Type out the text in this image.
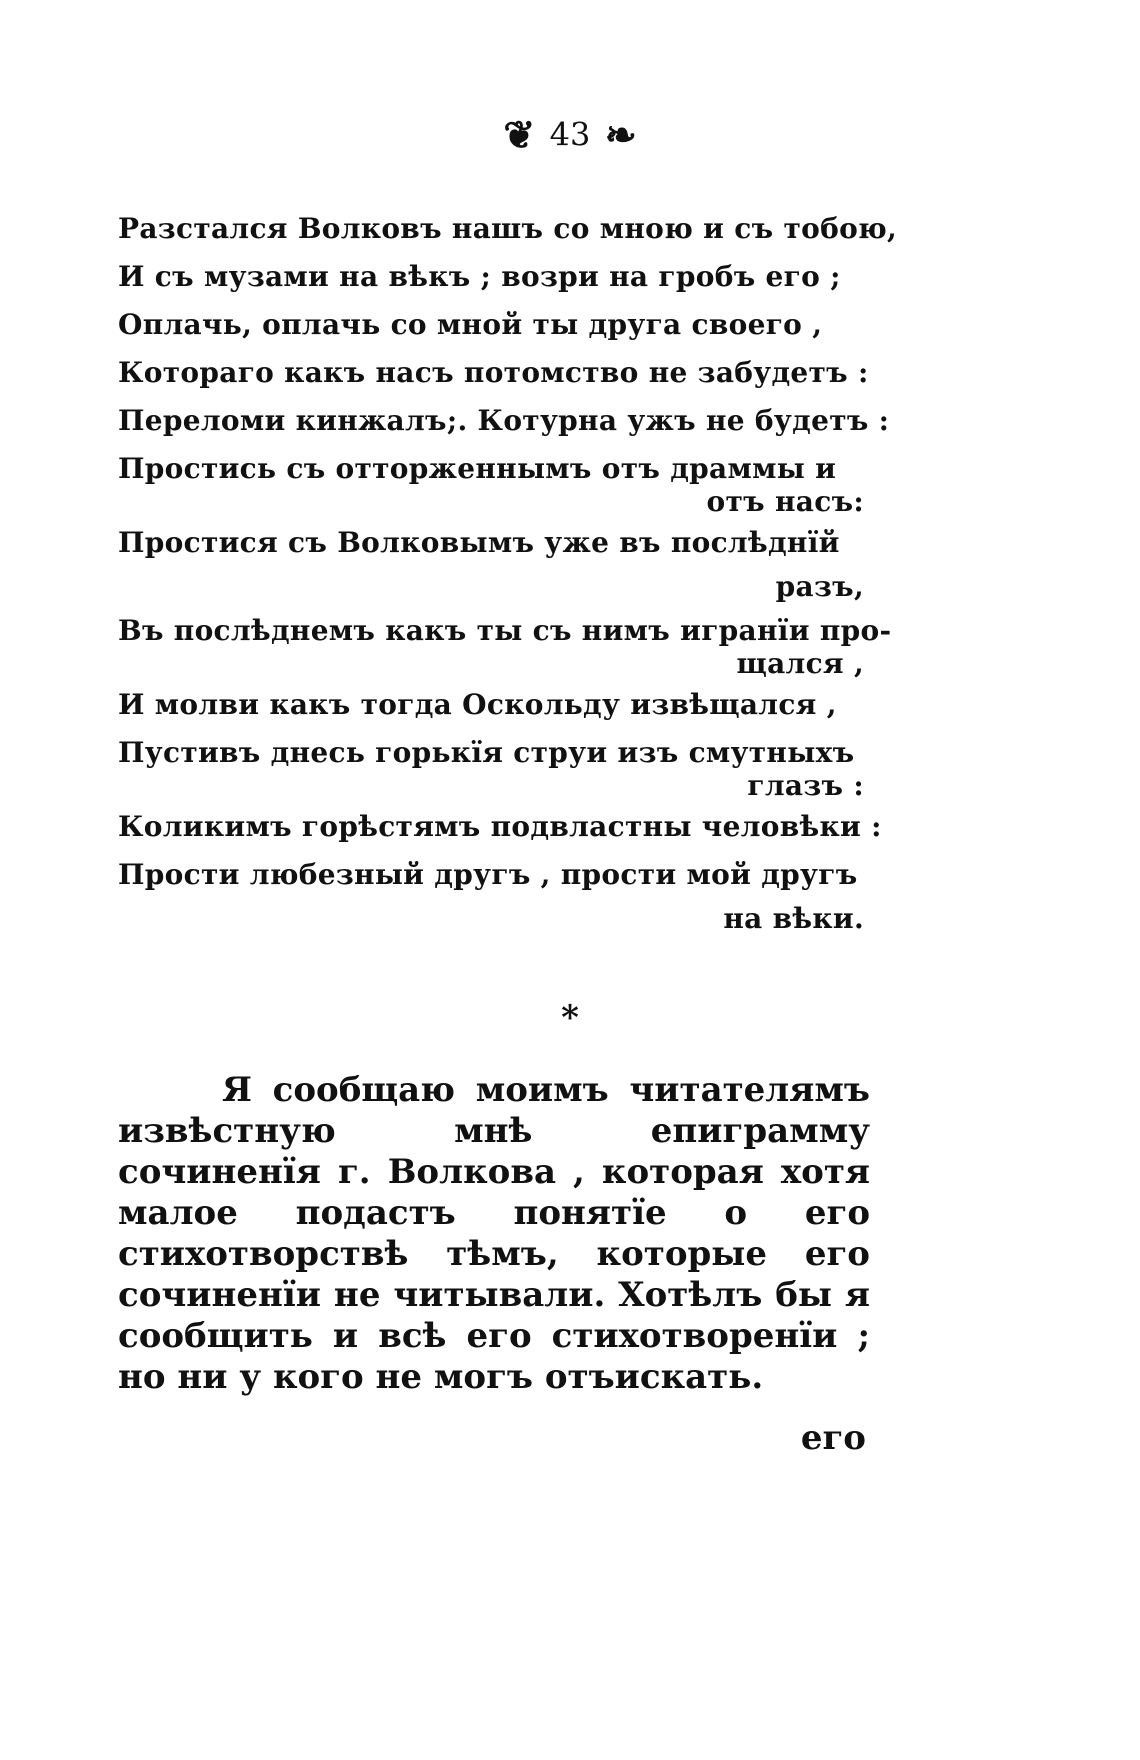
❦ 43 ❧
Разстался Волковъ нашъ со мною и съ тобою,
И съ музами на вѣкъ ; возри на гробъ его ;
Оплачь, оплачь со мной ты друга своего ,
Котораго какъ насъ потомство не забудетъ :
Переломи кинжалъ;. Котурна ужъ не будетъ :
Простись съ отторженнымъ отъ драммы и
отъ насъ:
Простися съ Волковымъ уже въ послѣднїй
разъ,
Въ послѣднемъ какъ ты съ нимъ игранїи про-
щался ,
И молви какъ тогда Оскольду извѣщался ,
Пустивъ днесь горькїя струи изъ смутныхъ
глазъ :
Коликимъ горѣстямъ подвластны человѣки :
Прости любезный другъ , прости мой другъ
на вѣки.
*

Я сообщаю моимъ читателямъ извѣстную мнѣ епиграмму сочиненїя г. Волкова , которая хотя малое подастъ понятїе о его стихотворствѣ тѣмъ, которые его сочиненїи не читывали. Хотѣлъ бы я сообщить и всѣ его стихотворенїи ; но ни у кого не могъ отъискать.

его
